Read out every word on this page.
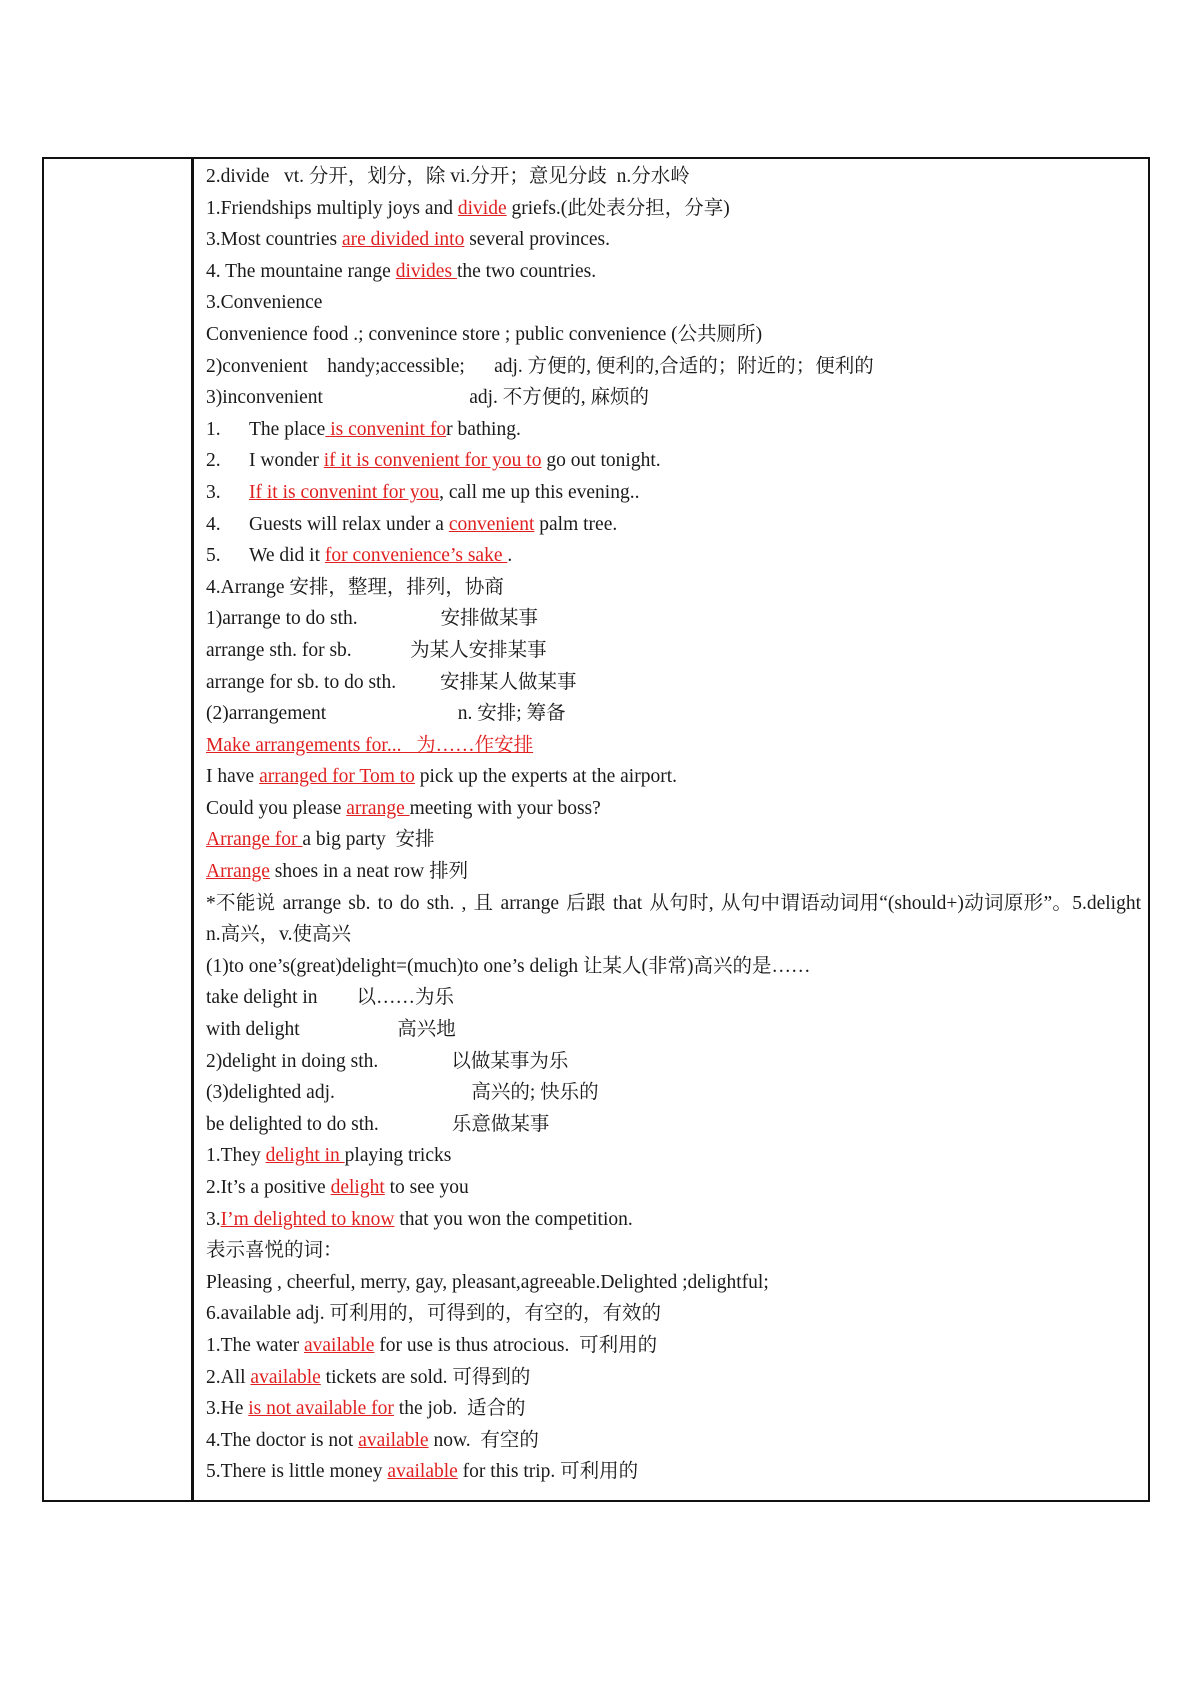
2.divide   vt. 分开，划分，除 vi.分开；意见分歧  n.分水岭
1.Friendships multiply joys and divide griefs.(此处表分担，分享)
3.Most countries are divided into several provinces.
4. The mountaine range divides the two countries.
3.Convenience
Convenience food .; convenince store ; public convenience (公共厕所)
2)convenient    handy;accessible;      adj. 方便的, 便利的,合适的；附近的；便利的
3)inconvenient                              adj. 不方便的, 麻烦的
1. The place is convenint for bathing.
2. I wonder if it is convenient for you to go out tonight.
3. If it is convenint for you, call me up this evening..
4. Guests will relax under a convenient palm tree.
5. We did it for convenience’s sake .
4.Arrange 安排，整理，排列，协商
1)arrange to do sth.                 安排做某事
arrange sth. for sb.            为某人安排某事
arrange for sb. to do sth.         安排某人做某事
(2)arrangement                           n. 安排; 筹备
Make arrangements for...   为……作安排
I have arranged for Tom to pick up the experts at the airport.
Could you please arrange meeting with your boss?
Arrange for a big party  安排
Arrange shoes in a neat row 排列
*不能说 arrange sb. to do sth. , 且 arrange 后跟 that 从句时, 从句中谓语动词用“(should+)动词原形”。5.delight n.高兴，v.使高兴
(1)to one’s(great)delight=(much)to one’s deligh 让某人(非常)高兴的是……
take delight in        以……为乐
with delight                    高兴地
2)delight in doing sth.               以做某事为乐
(3)delighted adj.                            高兴的; 快乐的
be delighted to do sth.               乐意做某事
1.They delight in playing tricks
2.It’s a positive delight to see you
3.I’m delighted to know that you won the competition.
表示喜悦的词：
Pleasing , cheerful, merry, gay, pleasant,agreeable.Delighted ;delightful;
6.available adj. 可利用的，可得到的，有空的，有效的
1.The water available for use is thus atrocious.  可利用的
2.All available tickets are sold. 可得到的
3.He is not available for the job.  适合的
4.The doctor is not available now.  有空的
5.There is little money available for this trip. 可利用的
